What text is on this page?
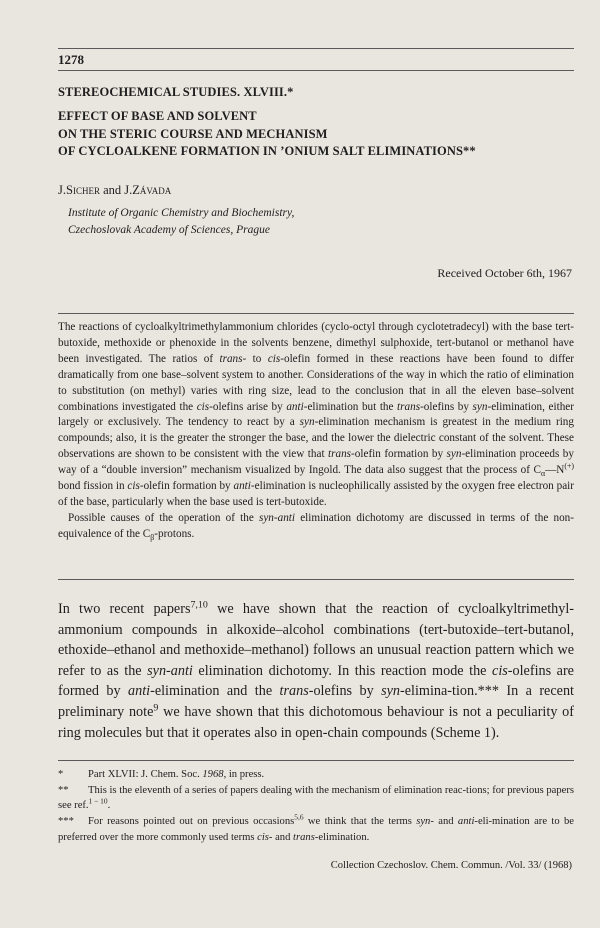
1278
STEREOCHEMICAL STUDIES. XLVIII.*
EFFECT OF BASE AND SOLVENT
ON THE STERIC COURSE AND MECHANISM
OF CYCLOALKENE FORMATION IN ’ONIUM SALT ELIMINATIONS**
J.Sicher and J.Závada
Institute of Organic Chemistry and Biochemistry,
Czechoslovak Academy of Sciences, Prague
Received October 6th, 1967

The reactions of cycloalkyltrimethylammonium chlorides (cyclo-octyl through cyclotetradecyl) with the base tert-butoxide, methoxide or phenoxide in the solvents benzene, dimethyl sulphoxide, tert-butanol or methanol have been investigated. The ratios of trans- to cis-olefin formed in these reactions have been found to differ dramatically from one base–solvent system to another. Considerations of the way in which the ratio of elimination to substitution (on methyl) varies with ring size, lead to the conclusion that in all the eleven base–solvent combinations investigated the cis-olefins arise by anti-elimination but the trans-olefins by syn-elimination, either largely or exclusively. The tendency to react by a syn-elimination mechanism is greatest in the medium ring compounds; also, it is the greater the stronger the base, and the lower the dielectric constant of the solvent. These observations are shown to be consistent with the view that trans-olefin formation by syn-elimination proceeds by way of a “double inversion” mechanism visualized by Ingold. The data also suggest that the process of $C_\alpha—N^{(+)}$ bond fission in cis-olefin formation by anti-elimination is nucleophilically assisted by the oxygen free electron pair of the base, particularly when the base used is tert-butoxide.

Possible causes of the operation of the syn-anti elimination dichotomy are discussed in terms of the non-equivalence of the $C_\beta$-protons.

In two recent papers$^{7,10}$ we have shown that the reaction of cycloalkyltrimethyl-ammonium compounds in alkoxide–alcohol combinations (tert-butoxide–tert-butanol, ethoxide–ethanol and methoxide–methanol) follows an unusual reaction pattern which we refer to as the syn-anti elimination dichotomy. In this reaction mode the cis-olefins are formed by anti-elimination and the trans-olefins by syn-elimina-tion.*** In a recent preliminary note$^9$ we have shown that this dichotomous behaviour is not a peculiarity of ring molecules but that it operates also in open-chain compounds (Scheme 1).

* Part XLVII: J. Chem. Soc. 1968, in press.

** This is the eleventh of a series of papers dealing with the mechanism of elimination reac-tions; for previous papers see ref.$^{1 - 10}$.

*** For reasons pointed out on previous occasions$^{5,6}$ we think that the terms syn- and anti-eli-mination are to be preferred over the more commonly used terms cis- and trans-elimination.

Collection Czechoslov. Chem. Commun. /Vol. 33/ (1968)
